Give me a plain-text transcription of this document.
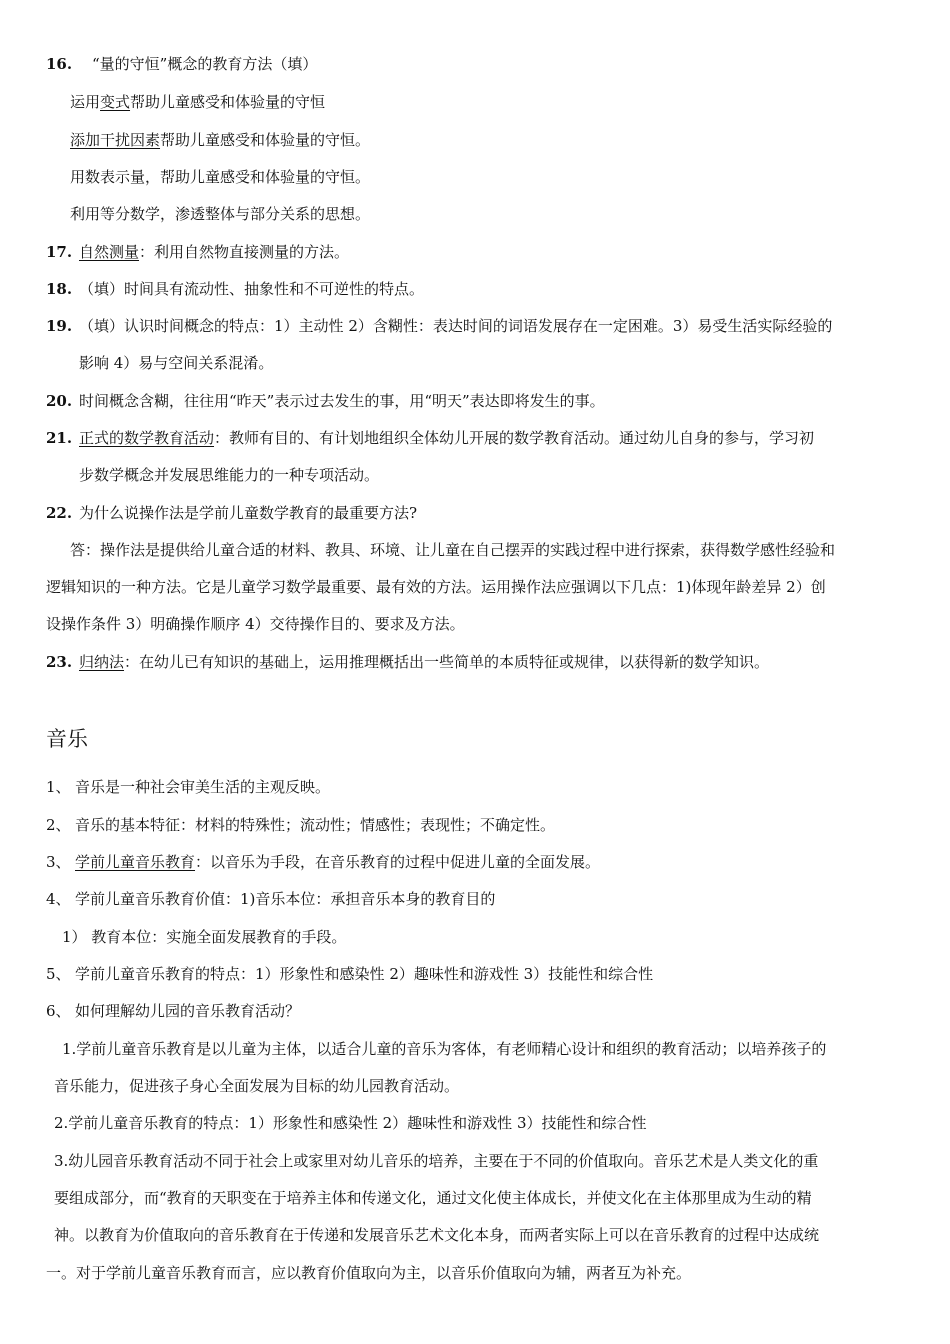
16. “量的守恒”概念的教育方法（填）
运用变式帮助儿童感受和体验量的守恒
添加干扰因素帮助儿童感受和体验量的守恒。
用数表示量，帮助儿童感受和体验量的守恒。
利用等分数学，渗透整体与部分关系的思想。
17. 自然测量：利用自然物直接测量的方法。
18. （填）时间具有流动性、抽象性和不可逆性的特点。
19. （填）认识时间概念的特点：1）主动性 2）含糊性：表达时间的词语发展存在一定困难。3）易受生活实际经验的
影响 4）易与空间关系混淆。
20. 时间概念含糊，往往用“昨天”表示过去发生的事，用“明天”表达即将发生的事。
21. 正式的数学教育活动：教师有目的、有计划地组织全体幼儿开展的数学教育活动。通过幼儿自身的参与，学习初
步数学概念并发展思维能力的一种专项活动。
22. 为什么说操作法是学前儿童数学教育的最重要方法?
答：操作法是提供给儿童合适的材料、教具、环境、让儿童在自己摆弄的实践过程中进行探索，获得数学感性经验和
逻辑知识的一种方法。它是儿童学习数学最重要、最有效的方法。运用操作法应强调以下几点：1)体现年龄差异 2）创
设操作条件 3）明确操作顺序 4）交待操作目的、要求及方法。
23. 归纳法：在幼儿已有知识的基础上，运用推理概括出一些简单的本质特征或规律，以获得新的数学知识。
音乐
1、 音乐是一种社会审美生活的主观反映。
2、 音乐的基本特征：材料的特殊性；流动性；情感性；表现性；不确定性。
3、 学前儿童音乐教育：以音乐为手段，在音乐教育的过程中促进儿童的全面发展。
4、 学前儿童音乐教育价值：1)音乐本位：承担音乐本身的教育目的
1） 教育本位：实施全面发展教育的手段。
5、 学前儿童音乐教育的特点：1）形象性和感染性 2）趣味性和游戏性 3）技能性和综合性
6、 如何理解幼儿园的音乐教育活动？
1.学前儿童音乐教育是以儿童为主体，以适合儿童的音乐为客体，有老师精心设计和组织的教育活动；以培养孩子的
音乐能力，促进孩子身心全面发展为目标的幼儿园教育活动。
2.学前儿童音乐教育的特点：1）形象性和感染性 2）趣味性和游戏性 3）技能性和综合性
3.幼儿园音乐教育活动不同于社会上或家里对幼儿音乐的培养，主要在于不同的价值取向。音乐艺术是人类文化的重
要组成部分，而“教育的天职变在于培养主体和传递文化，通过文化使主体成长，并使文化在主体那里成为生动的精
神。以教育为价值取向的音乐教育在于传递和发展音乐艺术文化本身，而两者实际上可以在音乐教育的过程中达成统
一。对于学前儿童音乐教育而言，应以教育价值取向为主，以音乐价值取向为辅，两者互为补充。
